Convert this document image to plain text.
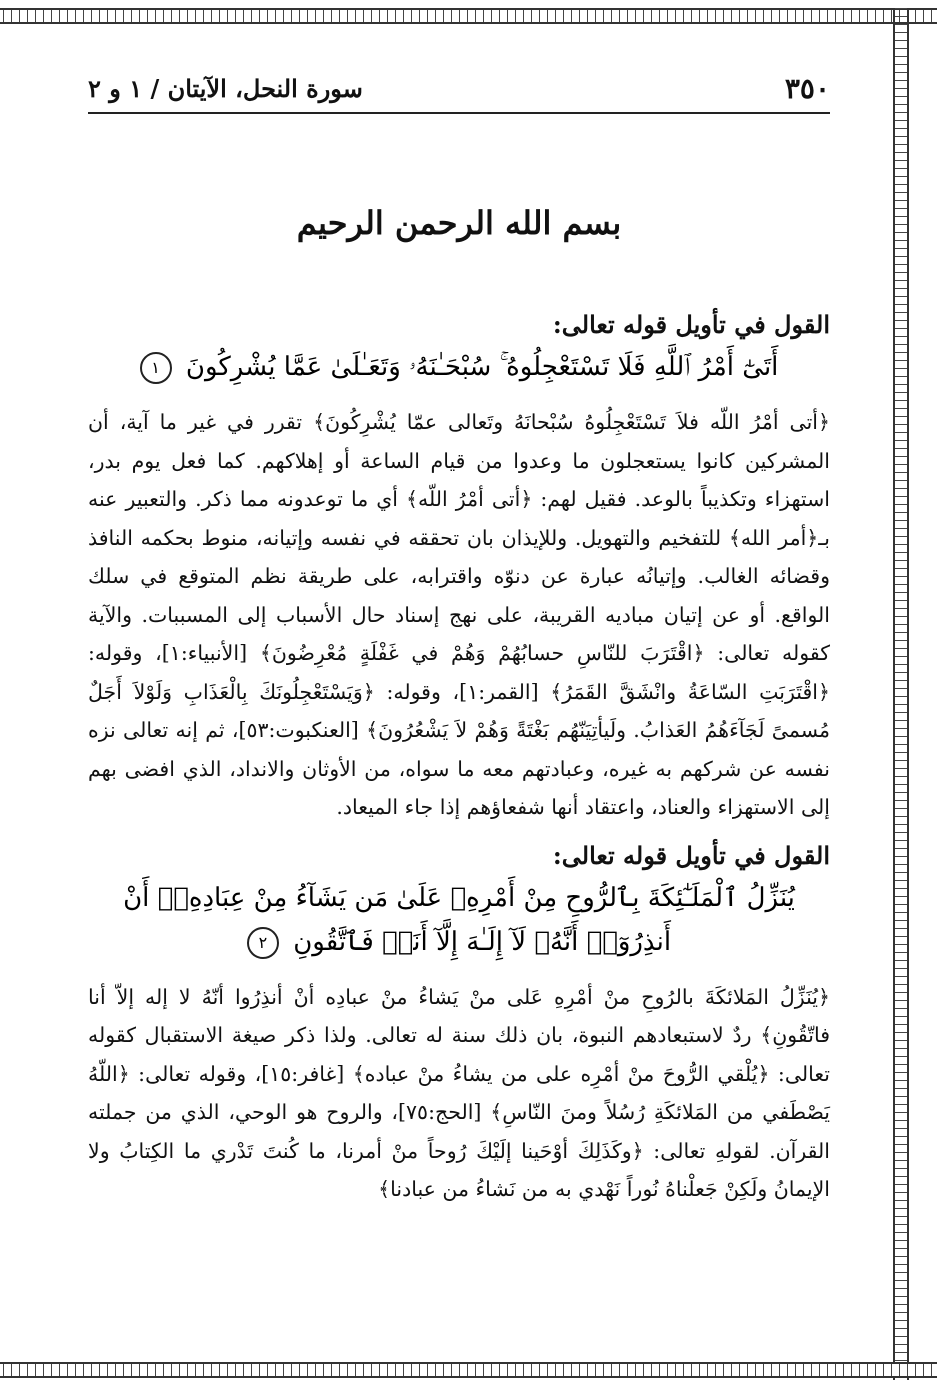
٣٥٠
سورة النحل، الآيتان / ١ و ٢
بسم الله الرحمن الرحيم
القول في تأويل قوله تعالى:
أَتَىٰٓ أَمْرُ ٱللَّهِ فَلَا تَسْتَعْجِلُوهُ ۚ سُبْحَـٰنَهُۥ وَتَعَـٰلَىٰ عَمَّا يُشْرِكُونَ ١

﴿أتى أمْرُ اللّه فلاَ تَسْتَعْجِلُوهُ سُبْحانَهُ وتَعالى عمّا يُشْرِكُونَ﴾ تقرر في غير ما آية، أن المشركين كانوا يستعجلون ما وعدوا من قيام الساعة أو إهلاكهم. كما فعل يوم بدر، استهزاء وتكذيباً بالوعد. فقيل لهم: ﴿أتى أمْرُ اللّه﴾ أي ما توعدونه مما ذكر. والتعبير عنه بـ﴿أمر الله﴾ للتفخيم والتهويل. وللإيذان بان تحققه في نفسه وإتيانه، منوط بحكمه النافذ وقضائه الغالب. وإتيانُه عبارة عن دنوّه واقترابه، على طريقة نظم المتوقع في سلك الواقع. أو عن إتيان مباديه القريبة، على نهج إسناد حال الأسباب إلى المسببات. والآية كقوله تعالى: ﴿اقْتَرَبَ للنّاسِ حسابُهُمْ وَهُمْ في غَفْلَةٍ مُعْرِضُونَ﴾ [الأنبياء:١]، وقوله: ﴿اقْتَرَبَتِ السّاعَةُ وانْشَقَّ القَمَرُ﴾ [القمر:١]، وقوله: ﴿وَيَسْتَعْجِلُونَكَ بِالْعَذَابِ وَلَوْلاَ أَجَلٌ مُسمىً لَجَآءَهُمُ العَذابُ. ولَيأتِيَنّهُم بَغْتَةً وَهُمْ لاَ يَشْعُرُونَ﴾ [العنكبوت:٥٣]، ثم إنه تعالى نزه نفسه عن شركهم به غيره، وعبادتهم معه ما سواه، من الأوثان والانداد، الذي افضى بهم إلى الاستهزاء والعناد، واعتقاد أنها شفعاؤهم إذا جاء الميعاد.

القول في تأويل قوله تعالى:
يُنَزِّلُ ٱلْمَلَـٰٓئِكَةَ بِٱلرُّوحِ مِنْ أَمْرِهِۦ عَلَىٰ مَن يَشَآءُ مِنْ عِبَادِهِۦٓ أَنْ أَنذِرُوٓا۟ أَنَّهُۥ لَآ إِلَـٰهَ إِلَّآ أَنَا۠ فَٱتَّقُونِ ٢

﴿يُنَزِّلُ المَلائكَةَ بالرُوحِ منْ أمْرِهِ عَلى منْ يَشاءُ منْ عبادِه أنْ أنذِرُوا أنّهُ لا إله إلاّ أنا فاتّقُونِ﴾ ردٌ لاستبعادهم النبوة، بان ذلك سنة له تعالى. ولذا ذكر صيغة الاستقبال كقوله تعالى: ﴿يُلْقي الرُّوحَ منْ أمْرِه على من يشاءُ منْ عباده﴾ [غافر:١٥]، وقوله تعالى: ﴿اللّهُ يَصْطَفي من المَلائكَةِ رُسُلاً ومنَ النّاسِ﴾ [الحج:٧٥]، والروح هو الوحي، الذي من جملته القرآن. لقولهِ تعالى: ﴿وكَذَلِكَ أوْحَينا إلَيْكَ رُوحاً منْ أمرنا، ما كُنتَ تَدْري ما الكِتابُ ولا الإيمانُ ولَكِنْ جَعلْناهُ نُوراً نَهْدي به من نَشاءُ من عبادنا﴾
